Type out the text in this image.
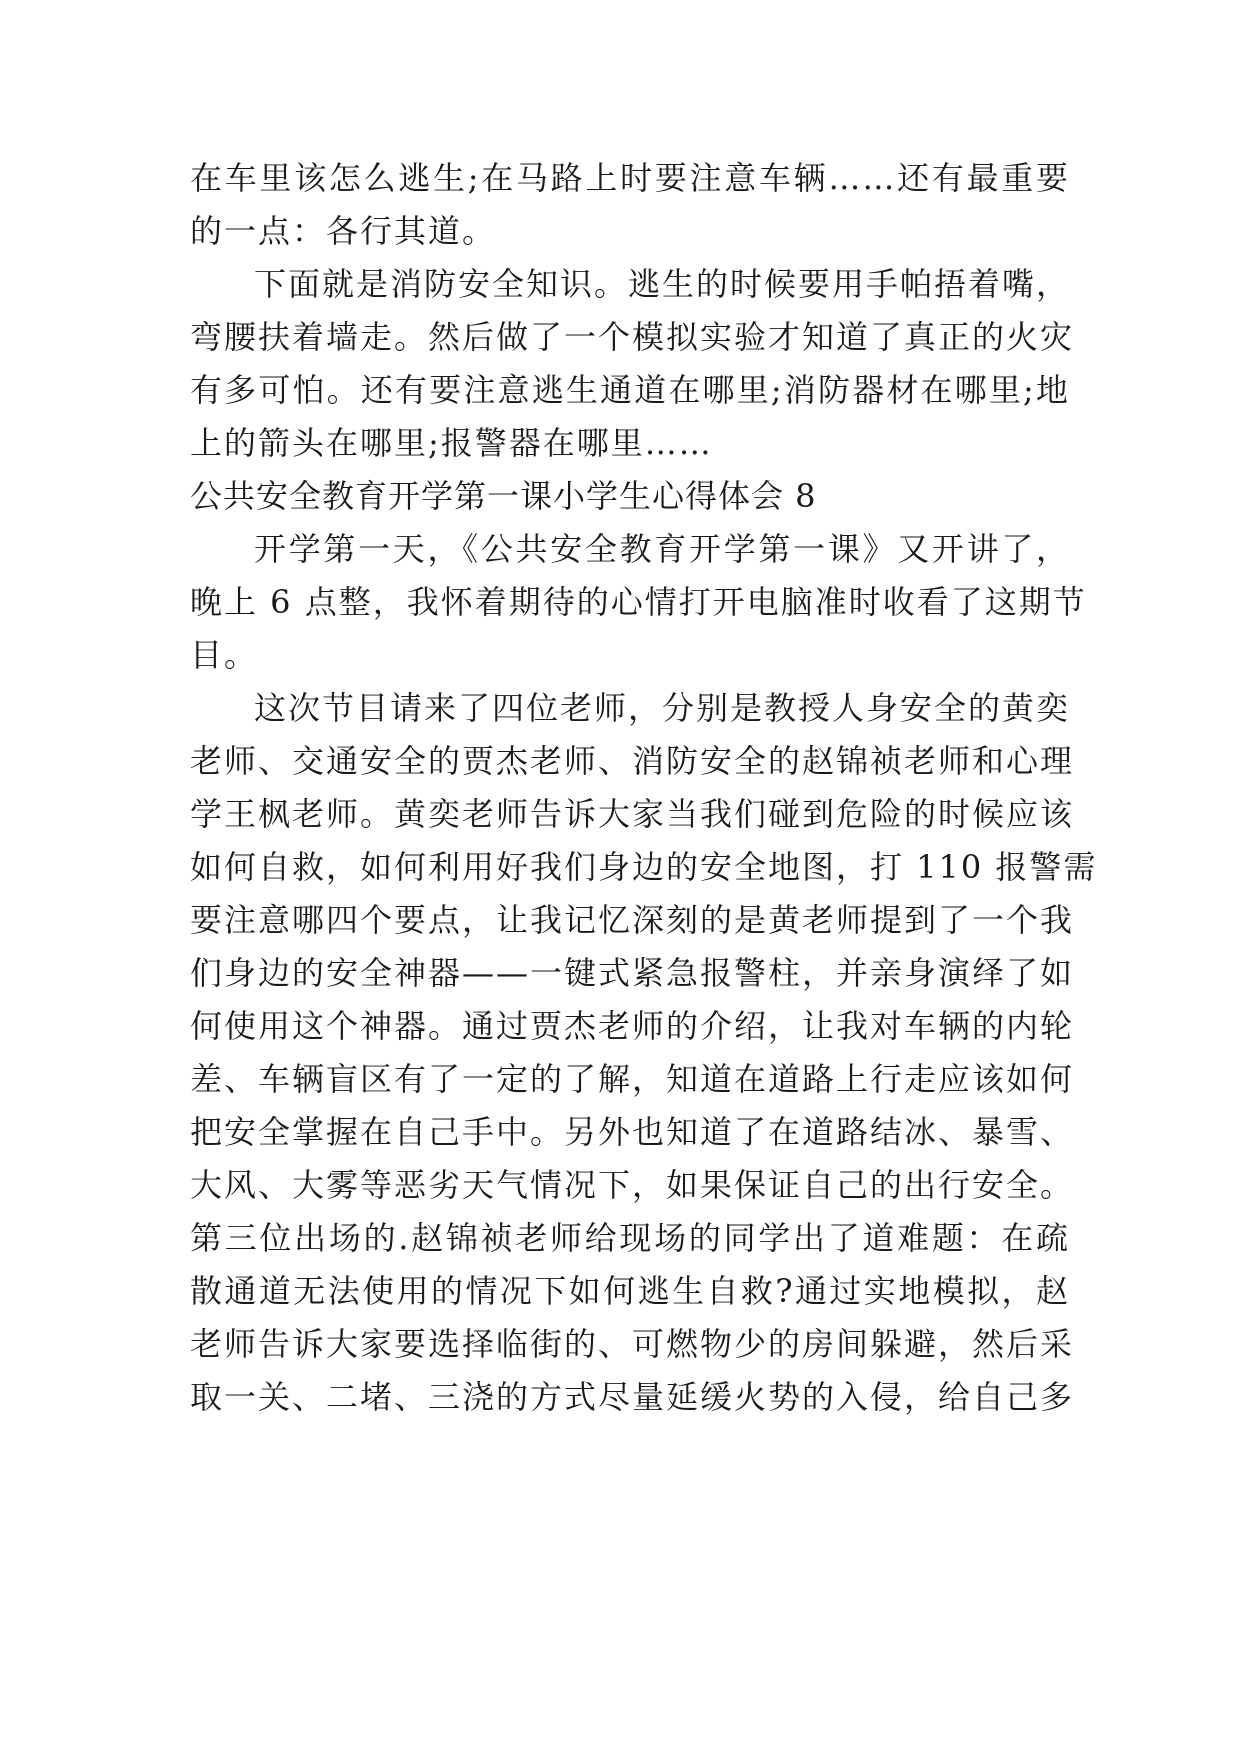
在车里该怎么逃生;在马路上时要注意车辆……还有最重要
的一点：各行其道。
下面就是消防安全知识。逃生的时候要用手帕捂着嘴，
弯腰扶着墙走。然后做了一个模拟实验才知道了真正的火灾
有多可怕。还有要注意逃生通道在哪里;消防器材在哪里;地
上的箭头在哪里;报警器在哪里……
公共安全教育开学第一课小学生心得体会 8
开学第一天，《公共安全教育开学第一课》又开讲了，
晚上 6 点整，我怀着期待的心情打开电脑准时收看了这期节
目。
这次节目请来了四位老师，分别是教授人身安全的黄奕
老师、交通安全的贾杰老师、消防安全的赵锦祯老师和心理
学王枫老师。黄奕老师告诉大家当我们碰到危险的时候应该
如何自救，如何利用好我们身边的安全地图，打 110 报警需
要注意哪四个要点，让我记忆深刻的是黄老师提到了一个我
们身边的安全神器——一键式紧急报警柱，并亲身演绎了如
何使用这个神器。通过贾杰老师的介绍，让我对车辆的内轮
差、车辆盲区有了一定的了解，知道在道路上行走应该如何
把安全掌握在自己手中。另外也知道了在道路结冰、暴雪、
大风、大雾等恶劣天气情况下，如果保证自己的出行安全。
第三位出场的.赵锦祯老师给现场的同学出了道难题：在疏
散通道无法使用的情况下如何逃生自救?通过实地模拟，赵
老师告诉大家要选择临街的、可燃物少的房间躲避，然后采
取一关、二堵、三浇的方式尽量延缓火势的入侵，给自己多
